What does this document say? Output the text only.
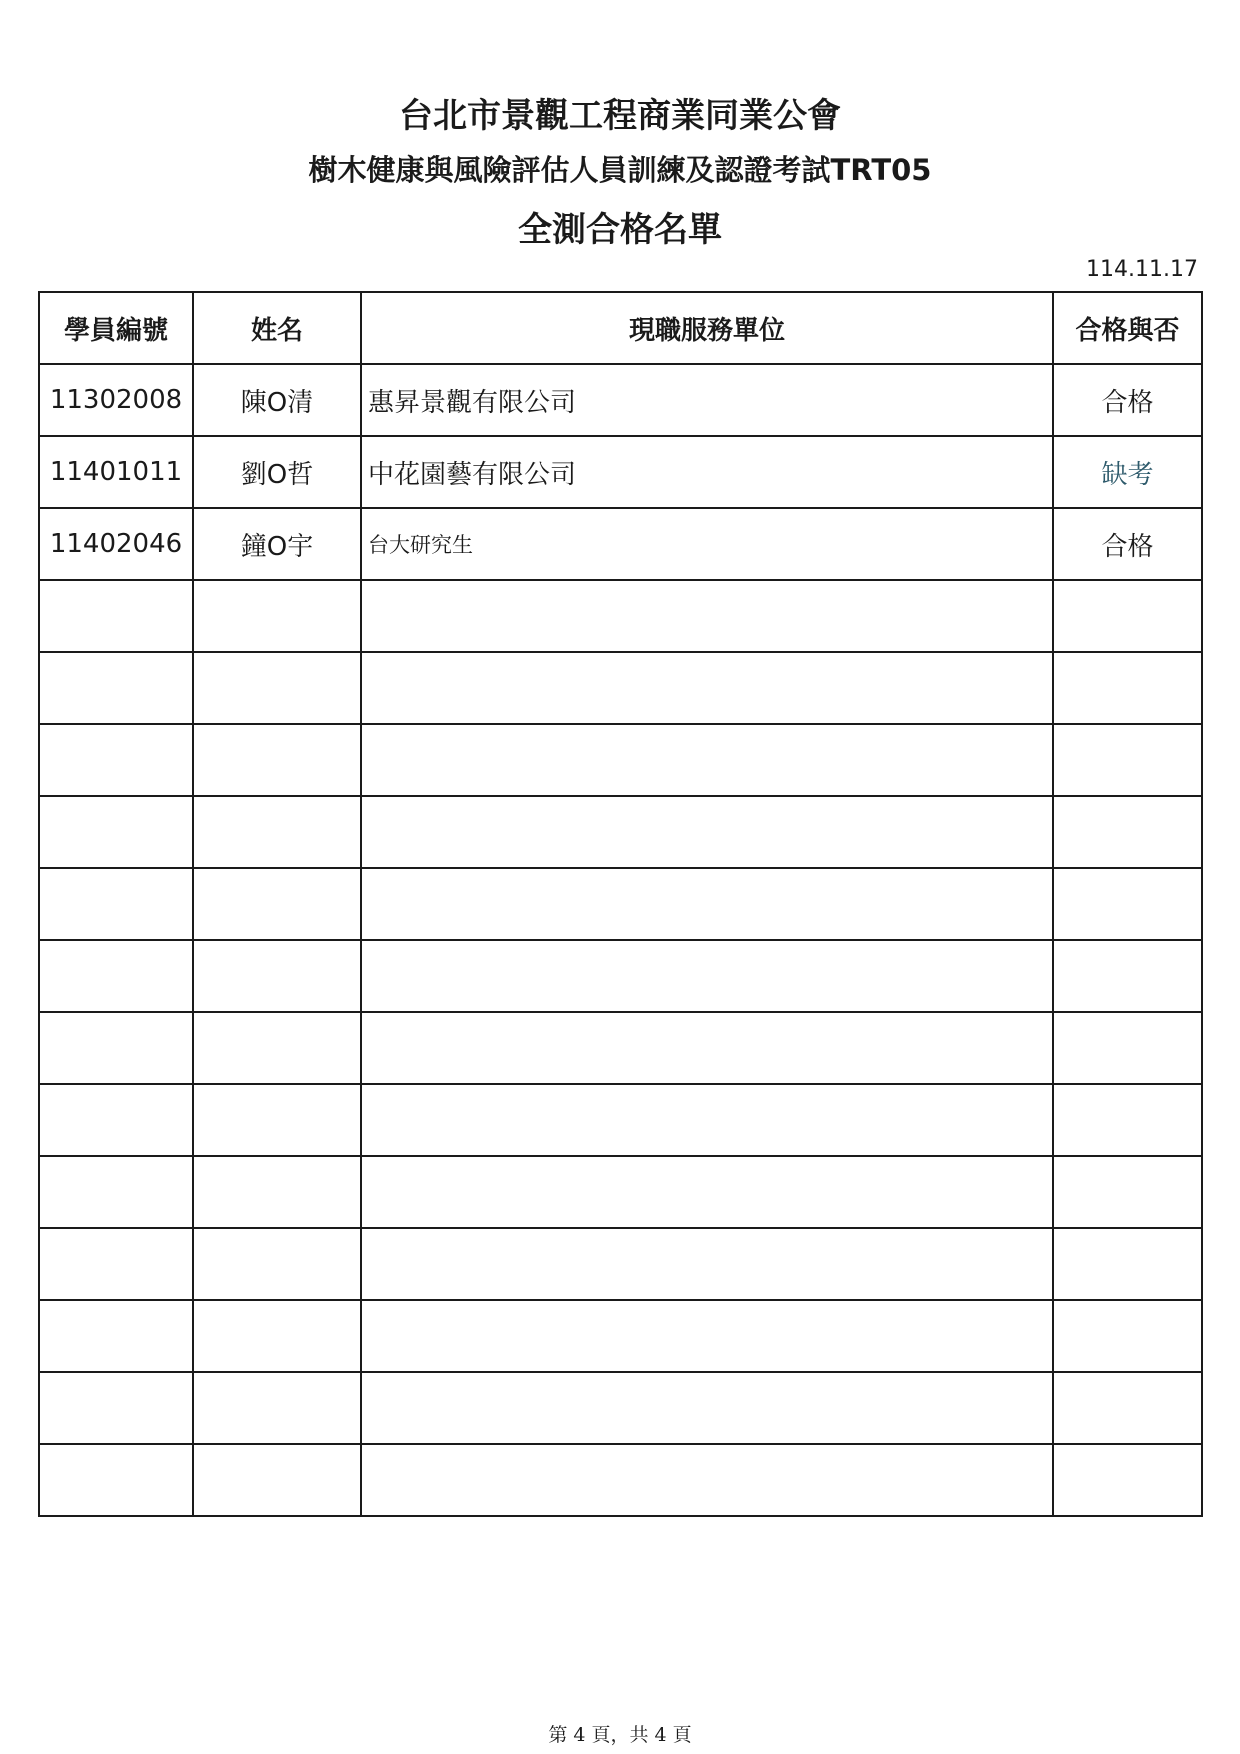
台北市景觀工程商業同業公會
樹木健康與風險評估人員訓練及認證考試TRT05
全測合格名單
114.11.17
學員編號	姓名	現職服務單位	合格與否
11302008	陳O清	惠昇景觀有限公司	合格
11401011	劉O哲	中花園藝有限公司	缺考
11402046	鐘O宇	台大研究生	合格

第 4 頁，共 4 頁
